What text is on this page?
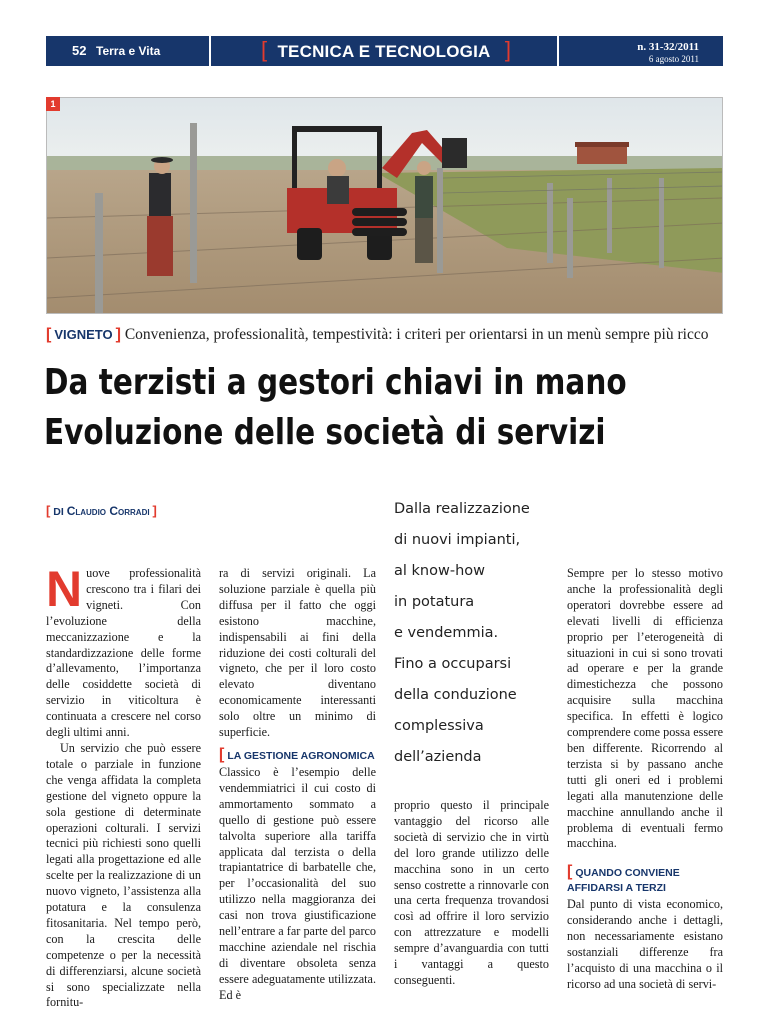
52 Terra e Vita	[ TECNICA E TECNOLOGIA ]	n. 31-32/2011
6 agosto 2011
1
[ VIGNETO ] Convenienza, professionalità, tempestività: i criteri per orientarsi in un menù sempre più ricco
Da terzisti a gestori chiavi in mano
Evoluzione delle società di servizi
[ DI Claudio Corradi ]	Dalla realizzazione
di nuovi impianti,
al know-how
in potatura
e vendemmia.
Fino a occuparsi
della conduzione
complessiva
dell’azienda

Nuove professionalità crescono tra i filari dei vigneti. Con l’evoluzione della meccanizzazione e la standardizzazione delle forme d’allevamento, l’importanza delle cosiddette società di servizio in viticoltura è continuata a crescere nel corso degli ultimi anni.

Un servizio che può essere totale o parziale in funzione che venga affidata la completa gestione del vigneto oppure la sola gestione di determinate operazioni colturali. I servizi tecnici più richiesti sono quelli legati alla progettazione ed alle scelte per la realizzazione di un nuovo vigneto, l’assistenza alla potatura e la consulenza fitosanitaria. Nel tempo però, con la crescita delle competenze o per la necessità di differenziarsi, alcune società si sono specializzate nella fornitu-

ra di servizi originali. La soluzione parziale è quella più diffusa per il fatto che oggi esistono macchine, indispensabili ai fini della riduzione dei costi colturali del vigneto, che per il loro costo elevato diventano economicamente interessanti solo oltre un minimo di superficie.

[ LA GESTIONE AGRONOMICA

Classico è l’esempio delle vendemmiatrici il cui costo di ammortamento sommato a quello di gestione può essere talvolta superiore alla tariffa applicata dal terzista o della trapiantatrice di barbatelle che, per l’occasionalità del suo utilizzo nella maggioranza dei casi non trova giustificazione nell’entrare a far parte del parco macchine aziendale nel rischia di diventare obsoleta senza essere adeguatamente utilizzata. Ed è

proprio questo il principale vantaggio del ricorso alle società di servizio che in virtù del loro grande utilizzo delle macchina sono in un certo senso costrette a rinnovarle con una certa frequenza trovandosi così ad offrire il loro servizio con attrezzature e modelli sempre d’avanguardia con tutti i vantaggi a questo conseguenti.

Sempre per lo stesso motivo anche la professionalità degli operatori dovrebbe essere ad elevati livelli di efficienza proprio per l’eterogeneità di situazioni in cui si sono trovati ad operare e per la grande dimestichezza che possono acquisire sulla macchina specifica. In effetti è logico comprendere come possa essere ben differente. Ricorrendo al terzista si by passano anche tutti gli oneri ed i problemi legati alla manutenzione delle macchine annullando anche il problema di eventuali fermo macchina.

[ QUANDO CONVIENE
AFFIDARSI A TERZI

Dal punto di vista economico, considerando anche i dettagli, non necessariamente esistano sostanziali differenze fra l’acquisto di una macchina o il ricorso ad una società di servi-
